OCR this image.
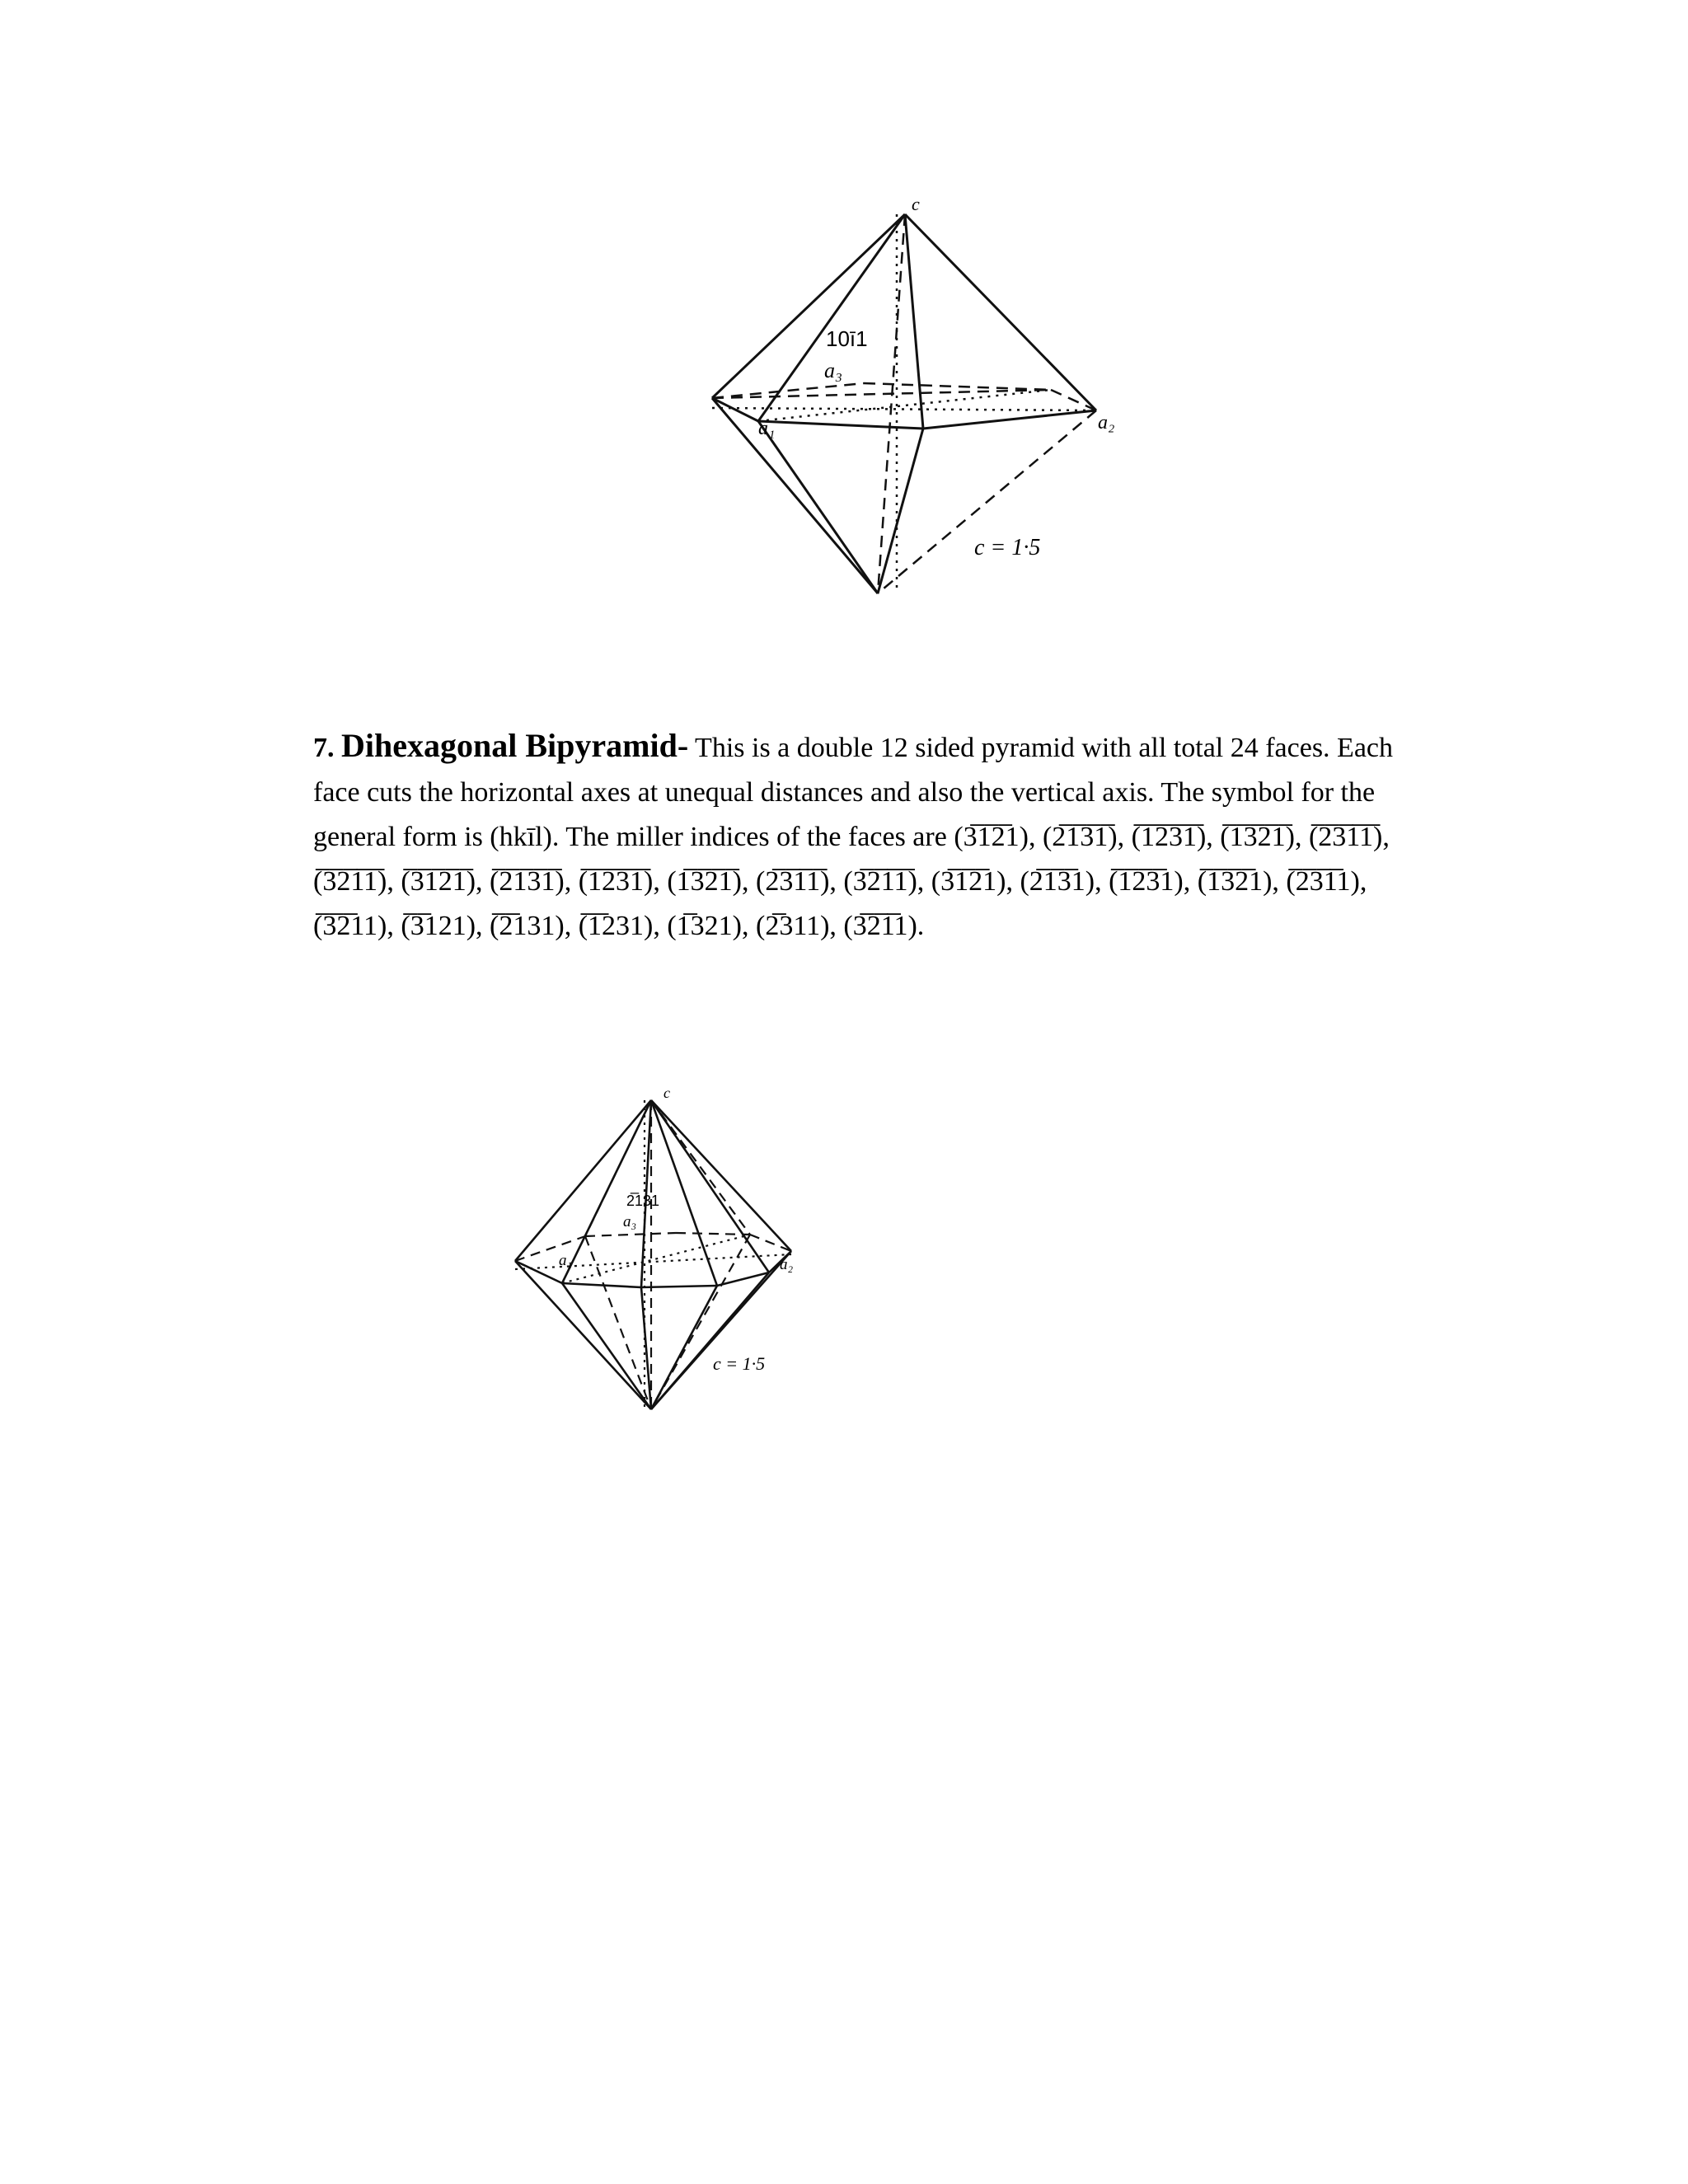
c
10ī1
a₃
a₁	a₂
c = 1·5

7. Dihexagonal Bipyramid- This is a double 12 sided pyramid with all total 24 faces. Each face cuts the horizontal axes at unequal distances and also the vertical axis. The symbol for the general form is (hkīl). The miller indices of the faces are (3̅1̅2̅1), (2̅1̅3̅1̅), (̅1̅2̅3̅1̅), (̅1̅3̅2̅1̅), (̅2̅3̅1̅1̅), (̅3̅2̅1̅1̅), (̅3̅1̅2̅1̅), (̅2̅1̅3̅1̅), (̅1̅2̅3̅1̅), (1̅3̅2̅1̅), (2̅3̅1̅1̅), (3̅2̅1̅1̅), (3̅1̅2̅1), (2̅1̅3̅1), (̅1̅2̅3̅1), (̅1̅3̅2̅1), (̅2̅3̅1̅1), (̅3̅2̅11), (̅3̅121), (̅2̅131), (̅1̅231), (1̅321), (2̅311), (3̅2̅1̅1).

c
2̅131
a₃
a₁	a₂
c = 1·5
